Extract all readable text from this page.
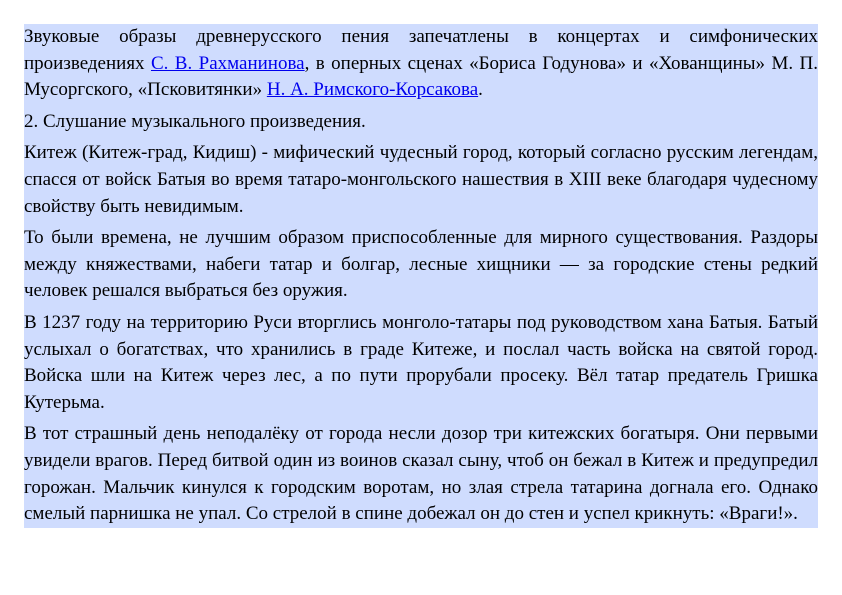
Звуковые образы древнерусского пения запечатлены в концертах и симфонических произведениях С. В. Рахманинова, в оперных сценах «Бориса Годунова» и «Хованщины» М. П. Мусоргского, «Псковитянки» Н. А. Римского-Корсакова.

2. Слушание музыкального произведения.

Китеж (Китеж-град, Кидиш) - мифический чудесный город, который согласно русским легендам, спасся от войск Батыя во время татаро-монгольского нашествия в XIII веке благодаря чудесному свойству быть невидимым.

То были времена, не лучшим образом приспособленные для мирного существования. Раздоры между княжествами, набеги татар и болгар, лесные хищники — за городские стены редкий человек решался выбраться без оружия.

В 1237 году на территорию Руси вторглись монголо-татары под руководством хана Батыя. Батый услыхал о богатствах, что хранились в граде Китеже, и послал часть войска на святой город. Войска шли на Китеж через лес, а по пути прорубали просеку. Вёл татар предатель Гришка Кутерьма.

В тот страшный день неподалёку от города несли дозор три китежских богатыря. Они первыми увидели врагов. Перед битвой один из воинов сказал сыну, чтоб он бежал в Китеж и предупредил горожан. Мальчик кинулся к городским воротам, но злая стрела татарина догнала его. Однако смелый парнишка не упал. Со стрелой в спине добежал он до стен и успел крикнуть: «Враги!».
